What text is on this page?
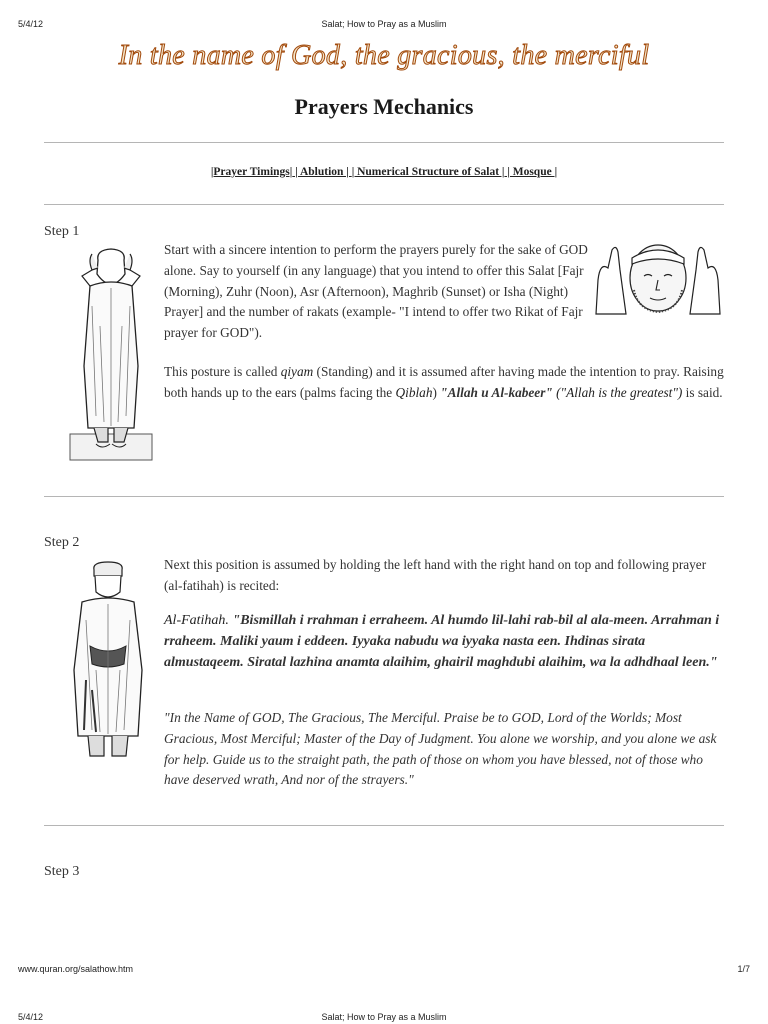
5/4/12	Salat; How to Pray as a Muslim
In the name of God, the gracious, the merciful
Prayers Mechanics
|Prayer Timings| | Ablution | | Numerical Structure of Salat | | Mosque |
Step 1
Start with a sincere intention to perform the prayers purely for the sake of GOD alone. Say to yourself (in any language) that you intend to offer this Salat [Fajr (Morning), Zuhr (Noon), Asr (Afternoon), Maghrib (Sunset) or Isha (Night) Prayer] and the number of rakats (example- "I intend to offer two Rikat of Fajr prayer for GOD").
This posture is called qiyam (Standing) and it is assumed after having made the intention to pray. Raising both hands up to the ears (palms facing the Qiblah) "Allah u Al-kabeer" ("Allah is the greatest") is said.
Step 2
Next this position is assumed by holding the left hand with the right hand on top and following prayer (al-fatihah) is recited:
Al-Fatihah. "Bismillah i rrahman i erraheem. Al humdo lil-lahi rab-bil al ala-meen. Arrahman i rraheem. Maliki yaum i eddeen. Iyyaka nabudu wa iyyaka nasta een. Ihdinas sirata almustaqeem. Siratal lazhina anamta alaihim, ghairil maghdubi alaihim, wa la adhdhaal leen."
"In the Name of GOD, The Gracious, The Merciful. Praise be to GOD, Lord of the Worlds; Most Gracious, Most Merciful; Master of the Day of Judgment. You alone we worship, and you alone we ask for help. Guide us to the straight path, the path of those on whom you have blessed, not of those who have deserved wrath, And nor of the strayers."
Step 3
www.quran.org/salathow.htm	1/7
5/4/12	Salat; How to Pray as a Muslim
